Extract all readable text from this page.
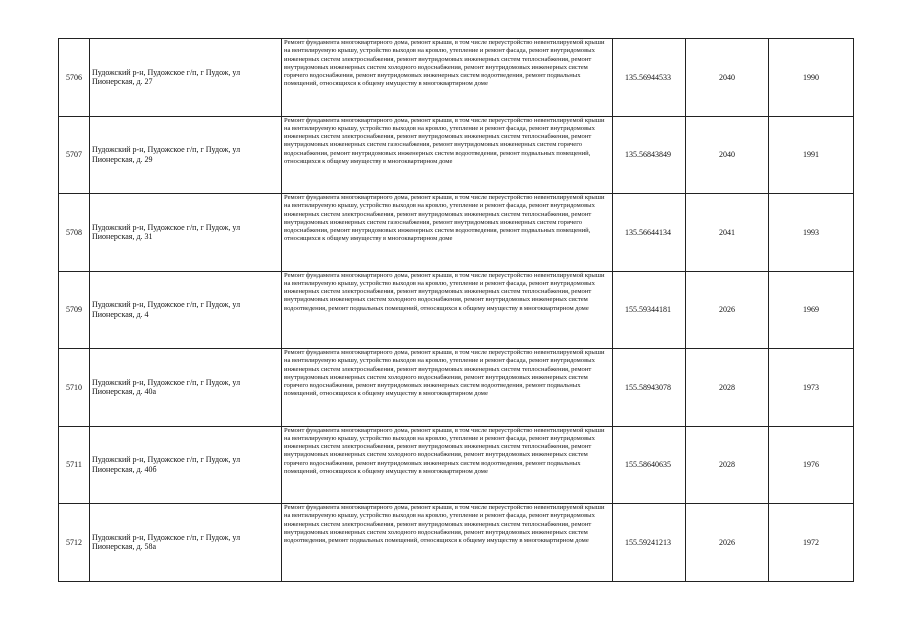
5706	Пудожский р-н, Пудожское г/п, г Пудож, ул Пионерская, д. 27	Ремонт фундамента многоквартирного дома, ремонт крыши, в том числе переустройство невентилируемой крыши на вентилируемую крышу, устройство выходов на кровлю, утепление и ремонт фасада, ремонт внутридомовых инженерных систем электроснабжения, ремонт внутридомовых инженерных систем теплоснабжения, ремонт внутридомовых инженерных систем холодного водоснабжения, ремонт внутридомовых инженерных систем горячего водоснабжения, ремонт внутридомовых инженерных систем водоотведения, ремонт подвальных помещений, относящихся к общему имуществу в многоквартирном доме	135.56944533	2040	1990
5707	Пудожский р-н, Пудожское г/п, г Пудож, ул Пионерская, д. 29	Ремонт фундамента многоквартирного дома, ремонт крыши, в том числе переустройство невентилируемой крыши на вентилируемую крышу, устройство выходов на кровлю, утепление и ремонт фасада, ремонт внутридомовых инженерных систем электроснабжения, ремонт внутридомовых инженерных систем теплоснабжения, ремонт внутридомовых инженерных систем газоснабжения, ремонт внутридомовых инженерных систем горячего водоснабжения, ремонт внутридомовых инженерных систем водоотведения, ремонт подвальных помещений, относящихся к общему имуществу в многоквартирном доме	135.56843849	2040	1991
5708	Пудожский р-н, Пудожское г/п, г Пудож, ул Пионерская, д. 31	Ремонт фундамента многоквартирного дома, ремонт крыши, в том числе переустройство невентилируемой крыши на вентилируемую крышу, устройство выходов на кровлю, утепление и ремонт фасада, ремонт внутридомовых инженерных систем электроснабжения, ремонт внутридомовых инженерных систем теплоснабжения, ремонт внутридомовых инженерных систем газоснабжения, ремонт внутридомовых инженерных систем горячего водоснабжения, ремонт внутридомовых инженерных систем водоотведения, ремонт подвальных помещений, относящихся к общему имуществу в многоквартирном доме	135.56644134	2041	1993
5709	Пудожский р-н, Пудожское г/п, г Пудож, ул Пионерская, д. 4	Ремонт фундамента многоквартирного дома, ремонт крыши, в том числе переустройство невентилируемой крыши на вентилируемую крышу, устройство выходов на кровлю, утепление и ремонт фасада, ремонт внутридомовых инженерных систем электроснабжения, ремонт внутридомовых инженерных систем теплоснабжения, ремонт внутридомовых инженерных систем холодного водоснабжения, ремонт внутридомовых инженерных систем водоотведения, ремонт подвальных помещений, относящихся к общему имуществу в многоквартирном доме	155.59344181	2026	1969
5710	Пудожский р-н, Пудожское г/п, г Пудож, ул Пионерская, д. 40а	Ремонт фундамента многоквартирного дома, ремонт крыши, в том числе переустройство невентилируемой крыши на вентилируемую крышу, устройство выходов на кровлю, утепление и ремонт фасада, ремонт внутридомовых инженерных систем электроснабжения, ремонт внутридомовых инженерных систем теплоснабжения, ремонт внутридомовых инженерных систем холодного водоснабжения, ремонт внутридомовых инженерных систем горячего водоснабжения, ремонт внутридомовых инженерных систем водоотведения, ремонт подвальных помещений, относящихся к общему имуществу в многоквартирном доме	155.58943078	2028	1973
5711	Пудожский р-н, Пудожское г/п, г Пудож, ул Пионерская, д. 40б	Ремонт фундамента многоквартирного дома, ремонт крыши, в том числе переустройство невентилируемой крыши на вентилируемую крышу, устройство выходов на кровлю, утепление и ремонт фасада, ремонт внутридомовых инженерных систем электроснабжения, ремонт внутридомовых инженерных систем теплоснабжения, ремонт внутридомовых инженерных систем холодного водоснабжения, ремонт внутридомовых инженерных систем горячего водоснабжения, ремонт внутридомовых инженерных систем водоотведения, ремонт подвальных помещений, относящихся к общему имуществу в многоквартирном доме	155.58640635	2028	1976
5712	Пудожский р-н, Пудожское г/п, г Пудож, ул Пионерская, д. 58а	Ремонт фундамента многоквартирного дома, ремонт крыши, в том числе переустройство невентилируемой крыши на вентилируемую крышу, устройство выходов на кровлю, утепление и ремонт фасада, ремонт внутридомовых инженерных систем электроснабжения, ремонт внутридомовых инженерных систем теплоснабжения, ремонт внутридомовых инженерных систем холодного водоснабжения, ремонт внутридомовых инженерных систем водоотведения, ремонт подвальных помещений, относящихся к общему имуществу в многоквартирном доме	155.59241213	2026	1972
